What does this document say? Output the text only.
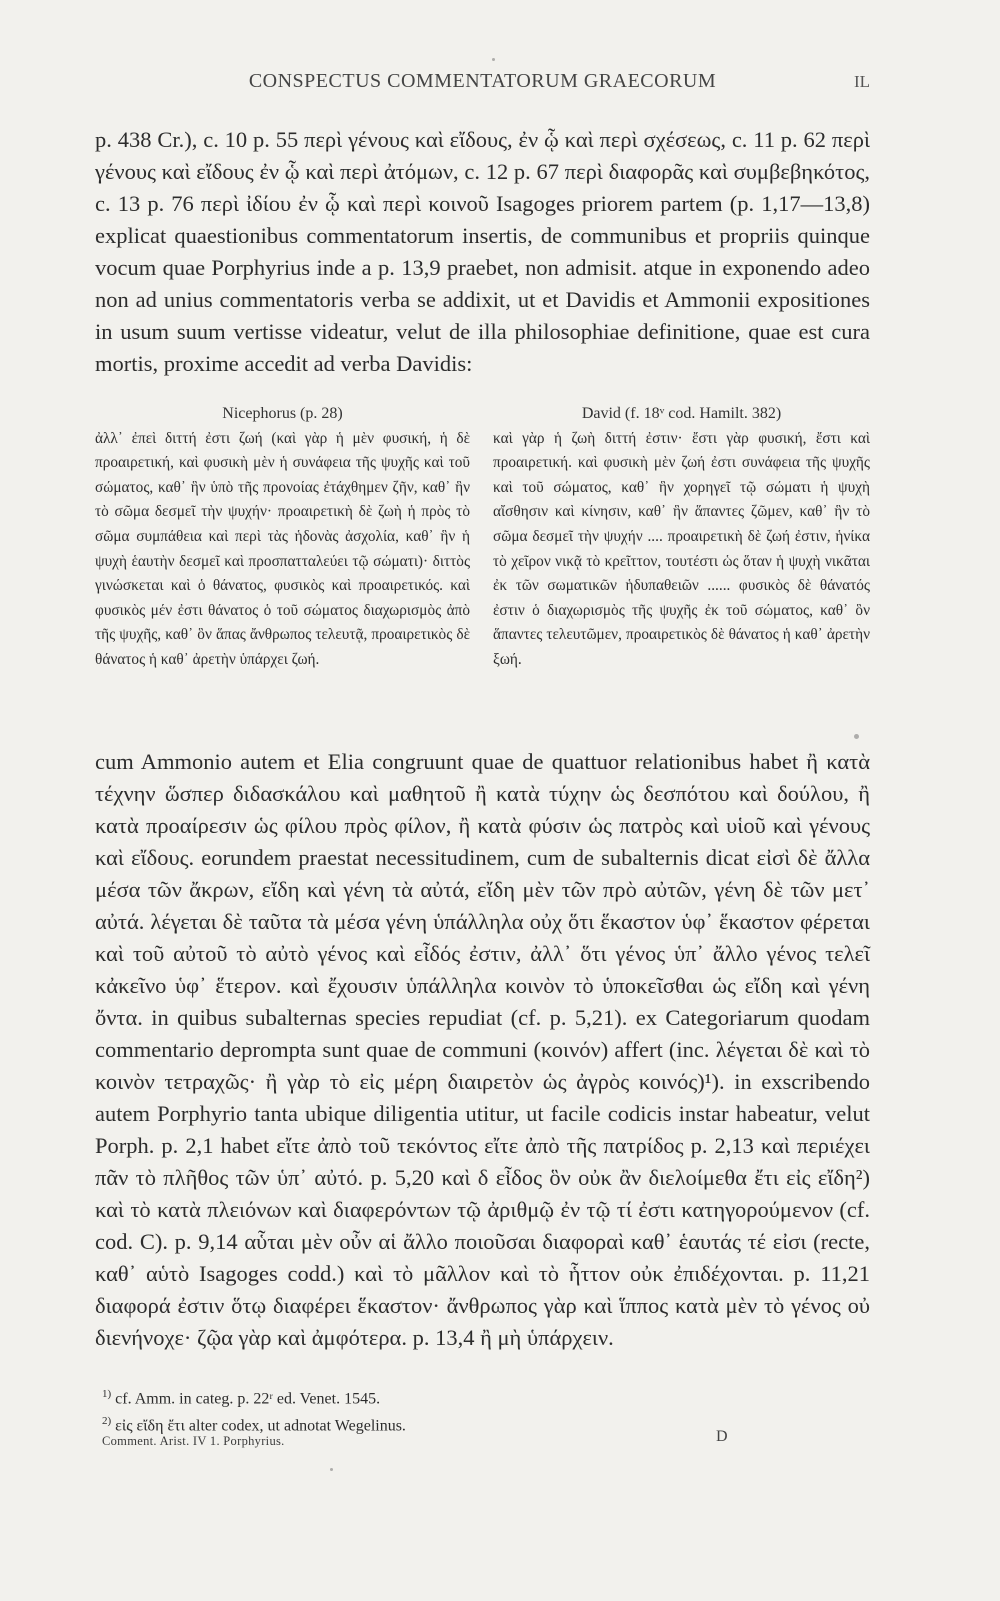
CONSPECTUS COMMENTATORUM GRAECORUM	IL

p. 438 Cr.), c. 10 p. 55 περὶ γένους καὶ εἴδους, ἐν ᾧ καὶ περὶ σχέσεως, c. 11 p. 62 περὶ γένους καὶ εἴδους ἐν ᾧ καὶ περὶ ἀτόμων, c. 12 p. 67 περὶ διαφορᾶς καὶ συμβεβηκότος, c. 13 p. 76 περὶ ἰδίου ἐν ᾧ καὶ περὶ κοινοῦ Isagoges priorem partem (p. 1,17—13,8) explicat quaestionibus commentatorum insertis, de communibus et propriis quinque vocum quae Porphyrius inde a p. 13,9 praebet, non admisit. atque in exponendo adeo non ad unius commentatoris verba se addixit, ut et Davidis et Ammonii expositiones in usum suum vertisse videatur, velut de illa philosophiae definitione, quae est cura mortis, proxime accedit ad verba Davidis:

Nicephorus (p. 28)

ἀλλ᾽ ἐπεὶ διττή ἐστι ζωή (καὶ γὰρ ἡ μὲν φυσική, ἡ δὲ προαιρετική, καὶ φυσικὴ μὲν ἡ συνάφεια τῆς ψυχῆς καὶ τοῦ σώματος, καθ᾽ ἣν ὑπὸ τῆς προνοίας ἐτάχθημεν ζῆν, καθ᾽ ἣν τὸ σῶμα δεσμεῖ τὴν ψυχήν· προαιρετικὴ δὲ ζωὴ ἡ πρὸς τὸ σῶμα συμπάθεια καὶ περὶ τὰς ἡδονὰς ἀσχολία, καθ᾽ ἣν ἡ ψυχὴ ἑαυτὴν δεσμεῖ καὶ προσπατταλεύει τῷ σώματι)· διττὸς γινώσκεται καὶ ὁ θάνατος, φυσικὸς καὶ προαιρετικός. καὶ φυσικὸς μέν ἐστι θάνατος ὁ τοῦ σώματος διαχωρισμὸς ἀπὸ τῆς ψυχῆς, καθ᾽ ὃν ἅπας ἄνθρωπος τελευτᾷ, προαιρετικὸς δὲ θάνατος ἡ καθ᾽ ἀρετὴν ὑπάρχει ζωή.

David (f. 18ᵛ cod. Hamilt. 382)

καὶ γὰρ ἡ ζωὴ διττή ἐστιν· ἔστι γὰρ φυσική, ἔστι καὶ προαιρετική. καὶ φυσικὴ μὲν ζωή ἐστι συνάφεια τῆς ψυχῆς καὶ τοῦ σώματος, καθ᾽ ἣν χορηγεῖ τῷ σώματι ἡ ψυχὴ αἴσθησιν καὶ κίνησιν, καθ᾽ ἣν ἅπαντες ζῶμεν, καθ᾽ ἣν τὸ σῶμα δεσμεῖ τὴν ψυχήν .... προαιρετικὴ δὲ ζωή ἐστιν, ἡνίκα τὸ χεῖρον νικᾷ τὸ κρεῖττον, τουτέστι ὡς ὅταν ἡ ψυχὴ νικᾶται ἐκ τῶν σωματικῶν ἡδυπαθειῶν ...... φυσικὸς δὲ θάνατός ἐστιν ὁ διαχωρισμὸς τῆς ψυχῆς ἐκ τοῦ σώματος, καθ᾽ ὃν ἅπαντες τελευτῶμεν, προαιρετικὸς δὲ θάνατος ἡ καθ᾽ ἀρετὴν ξωή.

cum Ammonio autem et Elia congruunt quae de quattuor relationibus habet ἢ κατὰ τέχνην ὥσπερ διδασκάλου καὶ μαθητοῦ ἢ κατὰ τύχην ὡς δεσπότου καὶ δούλου, ἢ κατὰ προαίρεσιν ὡς φίλου πρὸς φίλον, ἢ κατὰ φύσιν ὡς πατρὸς καὶ υἱοῦ καὶ γένους καὶ εἴδους. eorundem praestat necessitudinem, cum de subalternis dicat εἰσὶ δὲ ἄλλα μέσα τῶν ἄκρων, εἴδη καὶ γένη τὰ αὐτά, εἴδη μὲν τῶν πρὸ αὐτῶν, γένη δὲ τῶν μετ᾽ αὐτά. λέγεται δὲ ταῦτα τὰ μέσα γένη ὑπάλληλα οὐχ ὅτι ἕκαστον ὑφ᾽ ἕκαστον φέρεται καὶ τοῦ αὐτοῦ τὸ αὐτὸ γένος καὶ εἶδός ἐστιν, ἀλλ᾽ ὅτι γένος ὑπ᾽ ἄλλο γένος τελεῖ κἀκεῖνο ὑφ᾽ ἕτερον. καὶ ἔχουσιν ὑπάλληλα κοινὸν τὸ ὑποκεῖσθαι ὡς εἴδη καὶ γένη ὄντα. in quibus subalternas species repudiat (cf. p. 5,21). ex Categoriarum quodam commentario deprompta sunt quae de communi (κοινόν) affert (inc. λέγεται δὲ καὶ τὸ κοινὸν τετραχῶς· ἢ γὰρ τὸ εἰς μέρη διαιρετὸν ὡς ἀγρὸς κοινός)¹). in exscribendo autem Porphyrio tanta ubique diligentia utitur, ut facile codicis instar habeatur, velut Porph. p. 2,1 habet εἴτε ἀπὸ τοῦ τεκόντος εἴτε ἀπὸ τῆς πατρίδος p. 2,13 καὶ περιέχει πᾶν τὸ πλῆθος τῶν ὑπ᾽ αὐτό. p. 5,20 καὶ δ εἶδος ὃν οὐκ ἂν διελοίμεθα ἔτι εἰς εἴδη²) καὶ τὸ κατὰ πλειόνων καὶ διαφερόντων τῷ ἀριθμῷ ἐν τῷ τί ἐστι κατηγορούμενον (cf. cod. C). p. 9,14 αὗται μὲν οὖν αἱ ἄλλο ποιοῦσαι διαφοραὶ καθ᾽ ἑαυτάς τέ εἰσι (recte, καθ᾽ αὑτὸ Isagoges codd.) καὶ τὸ μᾶλλον καὶ τὸ ἧττον οὐκ ἐπιδέχονται. p. 11,21 διαφορά ἐστιν ὅτῳ διαφέρει ἕκαστον· ἄνθρωπος γὰρ καὶ ἵππος κατὰ μὲν τὸ γένος οὐ διενήνοχε· ζῷα γὰρ καὶ ἀμφότερα. p. 13,4 ἢ μὴ ὑπάρχειν.

$^{1)}$ cf. Amm. in categ. p. 22ʳ ed. Venet. 1545.

$^{2)}$ εἰς εἴδη ἔτι alter codex, ut adnotat Wegelinus.

Comment. Arist. IV 1. Porphyrius.	D
